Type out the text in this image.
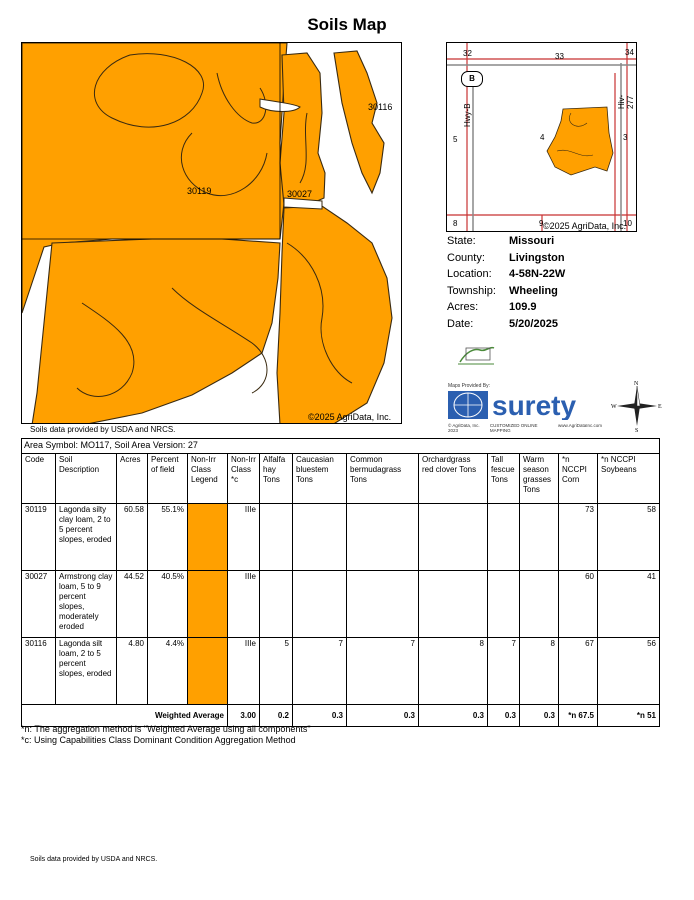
Soils Map
30119	30027
30116
©2025 AgriData, Inc.
Soils data provided by USDA and NRCS.
32	33	34
5	4	3
8	9	10
B
Hwy-B
Hiv-277
©2025 AgriData, Inc.
State:	Missouri
County:	Livingston
Location:	4-58N-22W
Township:	Wheeling
Acres:	109.9
Date:	5/20/2025
Maps Provided By:
surety
© AgriData, Inc. 2023
CUSTOMIZED ONLINE MAPPING
www.AgriDataInc.com
N
S
E
W
Area Symbol: MO117, Soil Area Version: 27													
Code	Soil Description	Acres	Percent of field	Non-Irr Class Legend	Non-Irr Class *c	Alfalfa hay Tons	Caucasian bluestem Tons	Common bermudagrass Tons	Orchardgrass red clover Tons	Tall fescue Tons	Warm season grasses Tons	*n NCCPI Corn	*n NCCPI Soybeans
30119	Lagonda silty clay loam, 2 to 5 percent slopes, eroded	60.58	55.1%		IIIe							73	58
30027	Armstrong clay loam, 5 to 9 percent slopes, moderately eroded	44.52	40.5%		IIIe							60	41
30116	Lagonda silt loam, 2 to 5 percent slopes, eroded	4.80	4.4%		IIIe	5	7	7	8	7	8	67	56
Weighted Average					3.00	0.2	0.3	0.3	0.3	0.3	0.3	*n 67.5	*n 51
*n: The aggregation method is "Weighted Average using all components"
*c: Using Capabilities Class Dominant Condition Aggregation Method
Soils data provided by USDA and NRCS.
